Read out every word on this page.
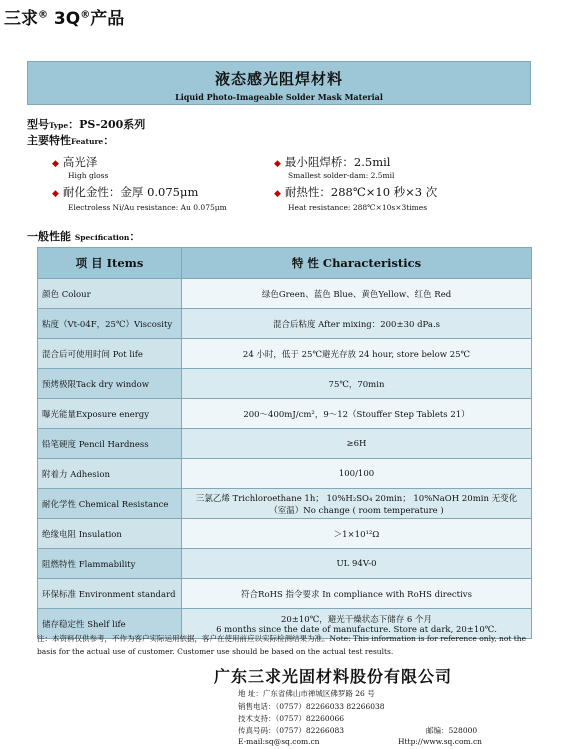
三求® 3Q®产品
液态感光阻焊材料
Liquid Photo-Imageable Solder Mask Material
型号Type：PS-200系列
主要特性Feature：
◆ 高光泽
High gloss
◆ 最小阻焊桥：2.5mil
Smallest solder-dam: 2.5mil
◆ 耐化金性：金厚 0.075μm
Electroless Ni/Au resistance: Au 0.075μm
◆ 耐热性：288℃×10 秒×3 次
Heat resistance: 288℃×10s×3times
一般性能 Specification：
项 目 Items	特 性 Characteristics
颜色 Colour	绿色Green、蓝色 Blue、黄色Yellow、红色 Red
粘度（Vt-04F，25℃）Viscosity	混合后粘度 After mixing：200±30 dPa.s
混合后可使用时间 Pot life	24 小时，低于 25℃避光存放 24 hour, store below 25℃
预烤极限Tack dry window	75℃，70min
曝光能量Exposure energy	200～400mJ/cm²，9～12（Stouffer Step Tablets 21）
铅笔硬度 Pencil Hardness	≥6H
附着力 Adhesion	100/100
耐化学性 Chemical Resistance	三氯乙烯 Trichloroethane 1h； 10%H₂SO₄ 20min； 10%NaOH 20min 无变化
（室温）No change ( room temperature )

绝缘电阻 Insulation	＞1×10¹²Ω
阻燃特性 Flammability	UL 94V-0
环保标准 Environment standard	符合RoHS 指令要求 In compliance with RoHS directivs
储存稳定性 Shelf life	20±10℃，避光干燥状态下储存 6 个月
6 months since the date of manufacture. Store at dark, 20±10℃.
注：本资料仅供参考，不作为客户实际运用依据，客户在使用前应以实际检测结果为准。Note: This information is for reference only, not the basis for the actual use of customer. Customer use should be based on the actual test results.
广东三求光固材料股份有限公司
地 址：广东省佛山市禅城区佛罗路 26 号
销售电话：（0757）82266033 82266038
技术支持：（0757）82260066
传真号码：（0757）82266083	邮编：528000
E-mail:sq@sq.com.cn	Http://www.sq.com.cn
